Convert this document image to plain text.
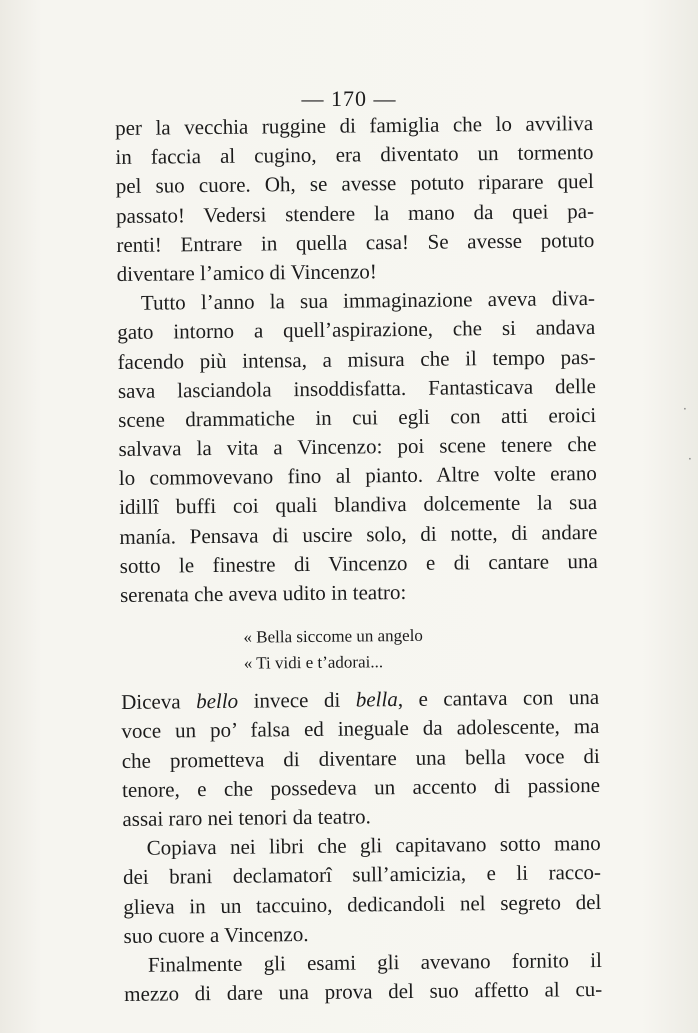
— 170 —
per la vecchia ruggine di famiglia che lo avviliva
in faccia al cugino, era diventato un tormento
pel suo cuore. Oh, se avesse potuto riparare quel
passato! Vedersi stendere la mano da quei pa-
renti! Entrare in quella casa! Se avesse potuto
diventare l’amico di Vincenzo!
Tutto l’anno la sua immaginazione aveva diva-
gato intorno a quell’aspirazione, che si andava
facendo più intensa, a misura che il tempo pas-
sava lasciandola insoddisfatta. Fantasticava delle
scene drammatiche in cui egli con atti eroici
salvava la vita a Vincenzo: poi scene tenere che
lo commovevano fino al pianto. Altre volte erano
idillî buffi coi quali blandiva dolcemente la sua
manía. Pensava di uscire solo, di notte, di andare
sotto le finestre di Vincenzo e di cantare una
serenata che aveva udito in teatro:
« Bella siccome un angelo
« Ti vidi e t’adorai...
Diceva bello invece di bella, e cantava con una
voce un po’ falsa ed ineguale da adolescente, ma
che prometteva di diventare una bella voce di
tenore, e che possedeva un accento di passione
assai raro nei tenori da teatro.
Copiava nei libri che gli capitavano sotto mano
dei brani declamatorî sull’amicizia, e li racco-
glieva in un taccuino, dedicandoli nel segreto del
suo cuore a Vincenzo.
Finalmente gli esami gli avevano fornito il
mezzo di dare una prova del suo affetto al cu-
·
·
